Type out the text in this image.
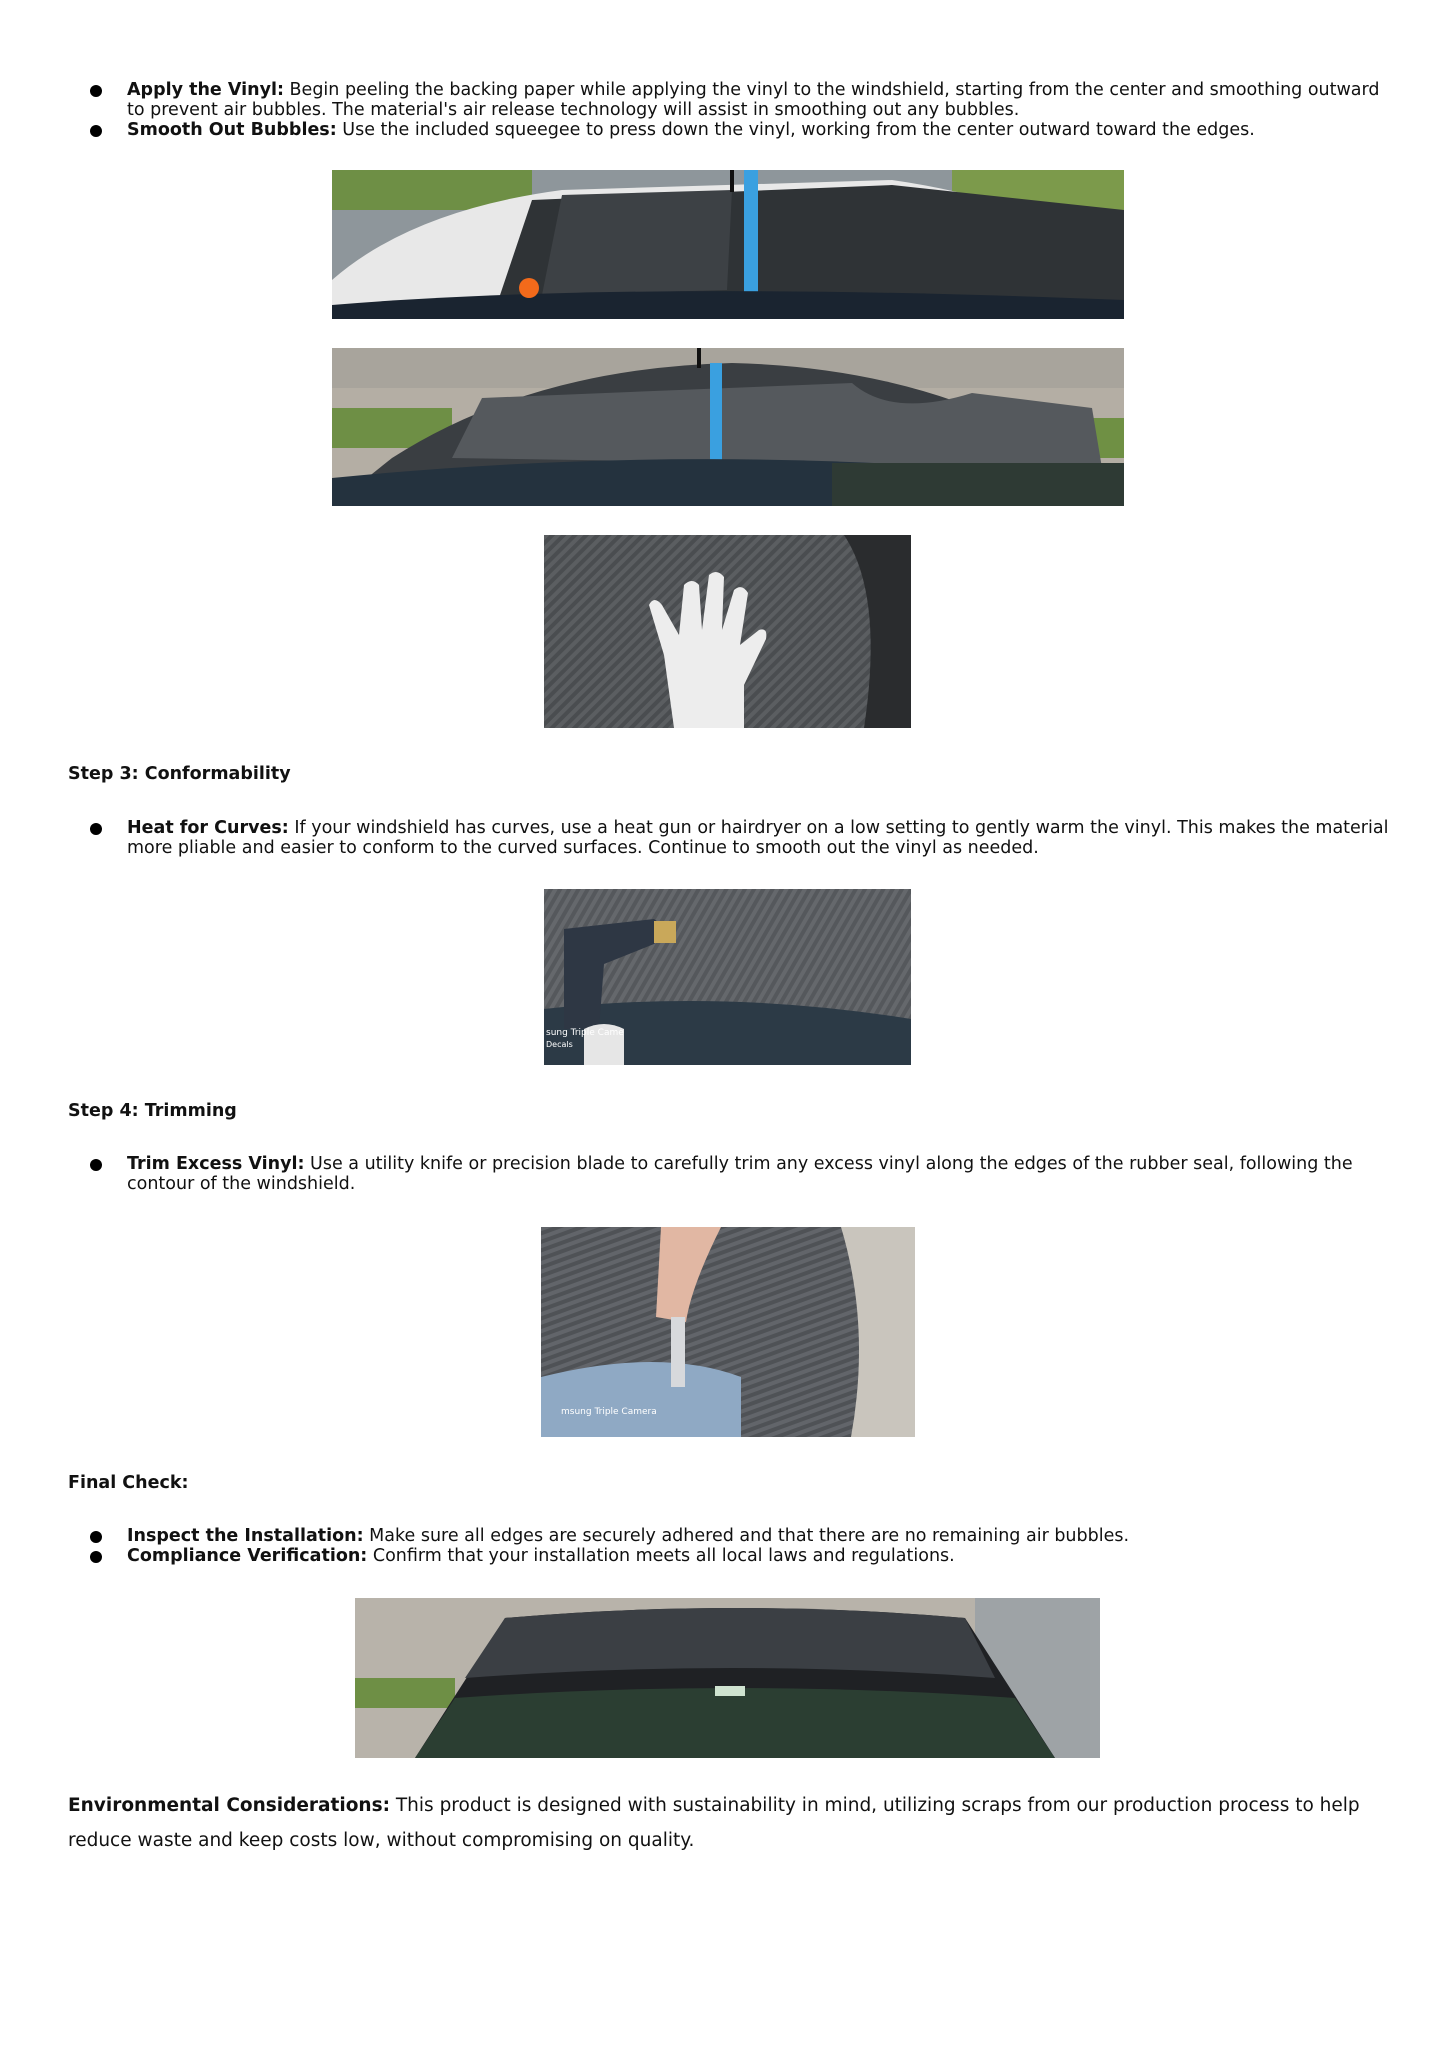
Apply the Vinyl: Begin peeling the backing paper while applying the vinyl to the windshield, starting from the center and smoothing outward to prevent air bubbles. The material's air release technology will assist in smoothing out any bubbles.
Smooth Out Bubbles: Use the included squeegee to press down the vinyl, working from the center outward toward the edges.
Step 3: Conformability
Heat for Curves: If your windshield has curves, use a heat gun or hairdryer on a low setting to gently warm the vinyl. This makes the material more pliable and easier to conform to the curved surfaces. Continue to smooth out the vinyl as needed.
sung Triple Came
Decals
Step 4: Trimming
Trim Excess Vinyl: Use a utility knife or precision blade to carefully trim any excess vinyl along the edges of the rubber seal, following the contour of the windshield.
msung Triple Camera
Final Check:
Inspect the Installation: Make sure all edges are securely adhered and that there are no remaining air bubbles.
Compliance Verification: Confirm that your installation meets all local laws and regulations.
Environmental Considerations: This product is designed with sustainability in mind, utilizing scraps from our production process to help reduce waste and keep costs low, without compromising on quality.
